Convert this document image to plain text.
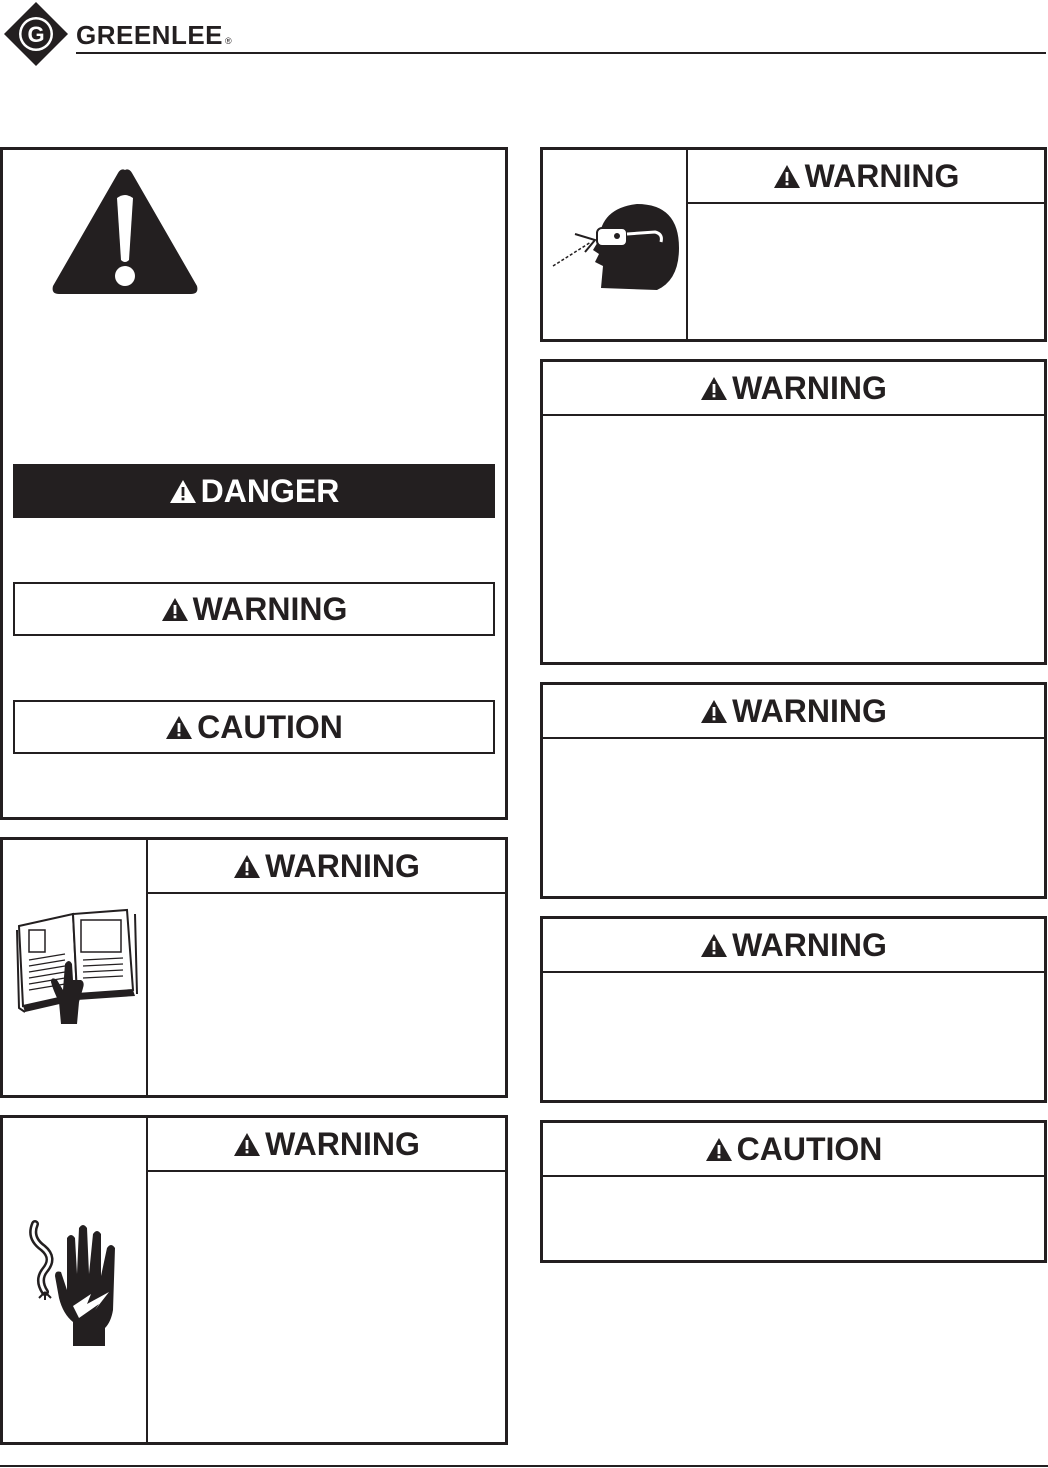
G GREENLEE ®
DANGER
WARNING
CAUTION
WARNING
WARNING
WARNING
WARNING
WARNING
WARNING
CAUTION
